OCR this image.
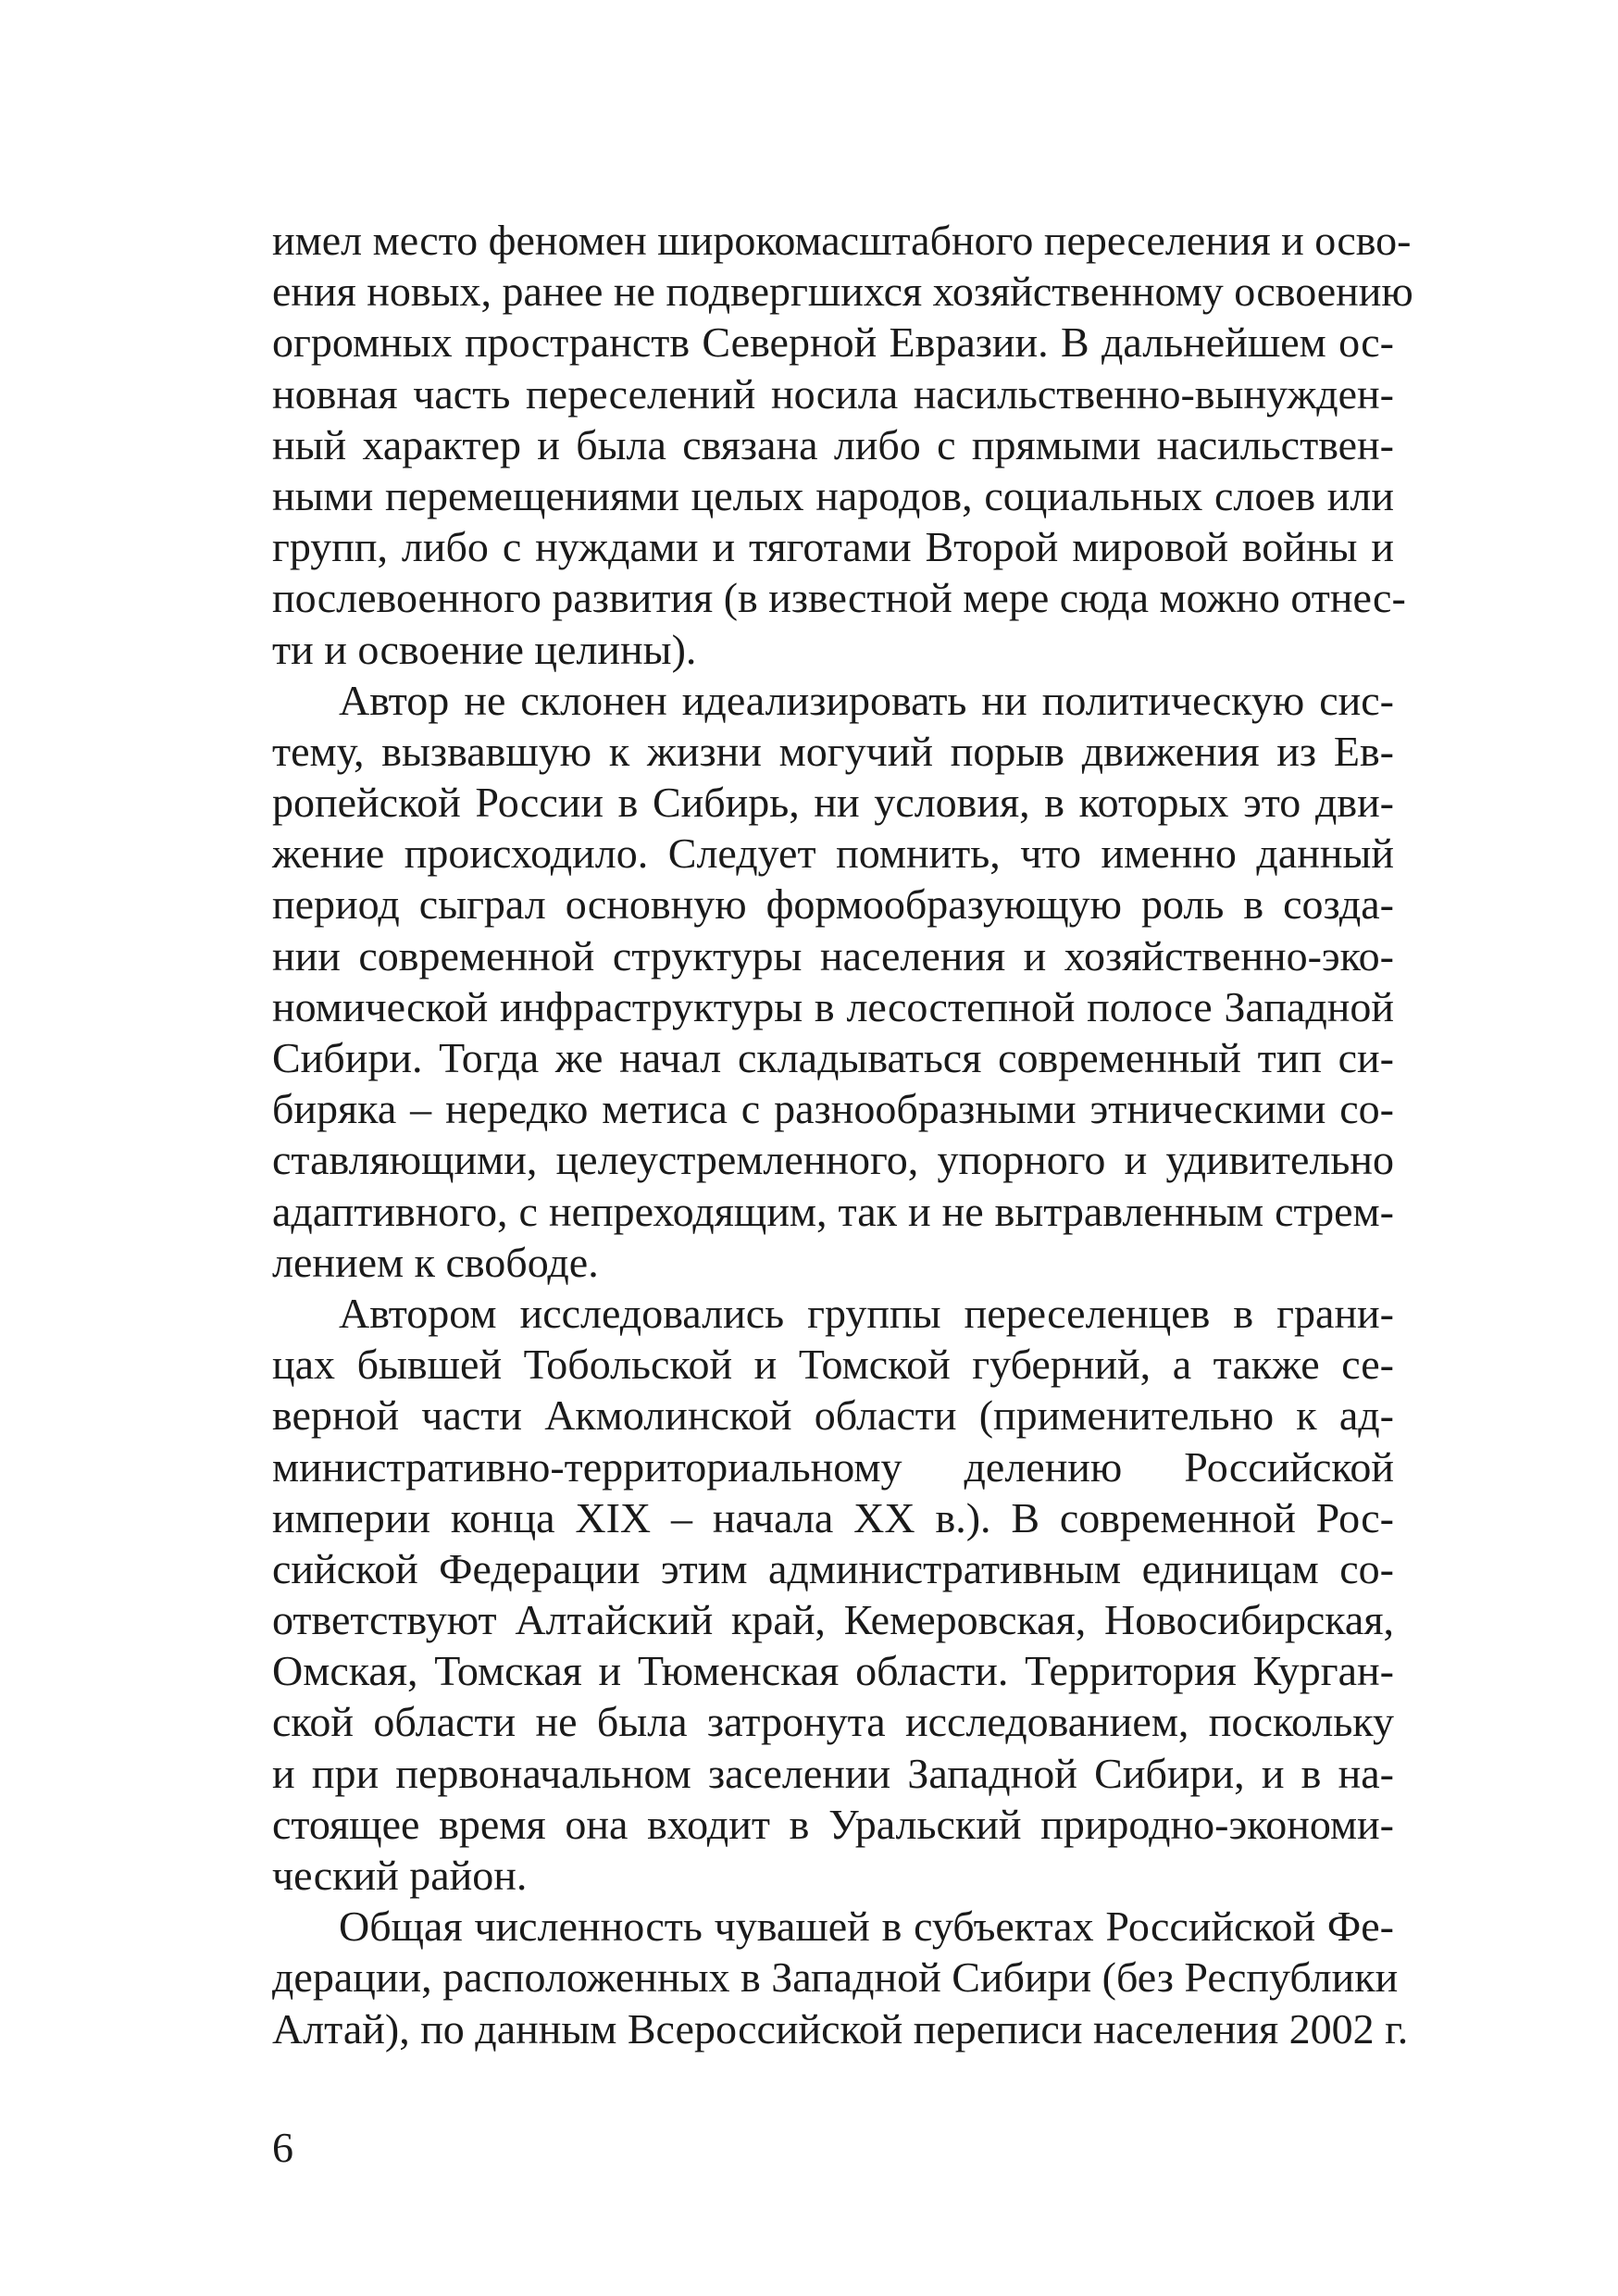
имел место феномен широкомасштабного переселения и осво-
ения новых, ранее не подвергшихся хозяйственному освоению
огромных пространств Северной Евразии. В дальнейшем ос-
новная часть переселений носила насильственно-вынужден-
ный характер и была связана либо с прямыми насильствен-
ными перемещениями целых народов, социальных слоев или
групп, либо с нуждами и тяготами Второй мировой войны и
послевоенного развития (в известной мере сюда можно отнес-
ти и освоение целины).
Автор не склонен идеализировать ни политическую сис-
тему, вызвавшую к жизни могучий порыв движения из Ев-
ропейской России в Сибирь, ни условия, в которых это дви-
жение происходило. Следует помнить, что именно данный
период сыграл основную формообразующую роль в созда-
нии современной структуры населения и хозяйственно-эко-
номической инфраструктуры в лесостепной полосе Западной
Сибири. Тогда же начал складываться современный тип си-
биряка – нередко метиса с разнообразными этническими со-
ставляющими, целеустремленного, упорного и удивительно
адаптивного, с непреходящим, так и не вытравленным стрем-
лением к свободе.
Автором исследовались группы переселенцев в грани-
цах бывшей Тобольской и Томской губерний, а также се-
верной части Акмолинской области (применительно к ад-
министративно-территориальному делению Российской
империи конца XIX – начала XX в.). В современной Рос-
сийской Федерации этим административным единицам со-
ответствуют Алтайский край, Кемеровская, Новосибирская,
Омская, Томская и Тюменская области. Территория Курган-
ской области не была затронута исследованием, поскольку
и при первоначальном заселении Западной Сибири, и в на-
стоящее время она входит в Уральский природно-экономи-
ческий район.
Общая численность чувашей в субъектах Российской Фе-
дерации, расположенных в Западной Сибири (без Республики
Алтай), по данным Всероссийской переписи населения 2002 г.
6
